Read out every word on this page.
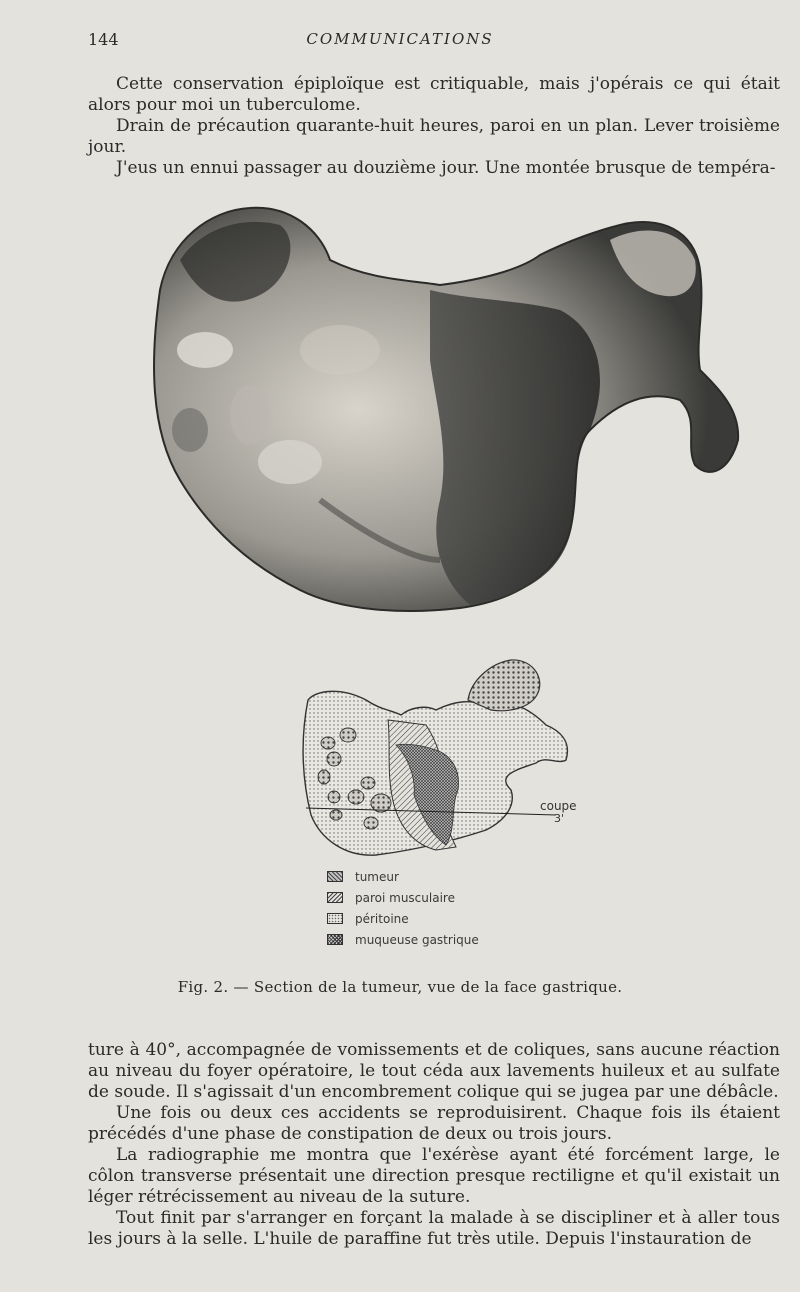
144	COMMUNICATIONS

Cette conservation épiploïque est critiquable, mais j'opérais ce qui était alors pour moi un tuberculome.

Drain de précaution quarante-huit heures, paroi en un plan. Lever troisième jour.

J'eus un ennui passager au douzième jour. Une montée brusque de tempéra-

coupe
3'
tumeur
paroi musculaire
péritoine
muqueuse gastrique
Fig. 2. — Section de la tumeur, vue de la face gastrique.

ture à 40°, accompagnée de vomissements et de coliques, sans aucune réaction au niveau du foyer opératoire, le tout céda aux lavements huileux et au sulfate de soude. Il s'agissait d'un encombrement colique qui se jugea par une débâcle.

Une fois ou deux ces accidents se reproduisirent. Chaque fois ils étaient précédés d'une phase de constipation de deux ou trois jours.

La radiographie me montra que l'exérèse ayant été forcément large, le côlon transverse présentait une direction presque rectiligne et qu'il existait un léger rétrécissement au niveau de la suture.

Tout finit par s'arranger en forçant la malade à se discipliner et à aller tous les jours à la selle. L'huile de paraffine fut très utile. Depuis l'instauration de
